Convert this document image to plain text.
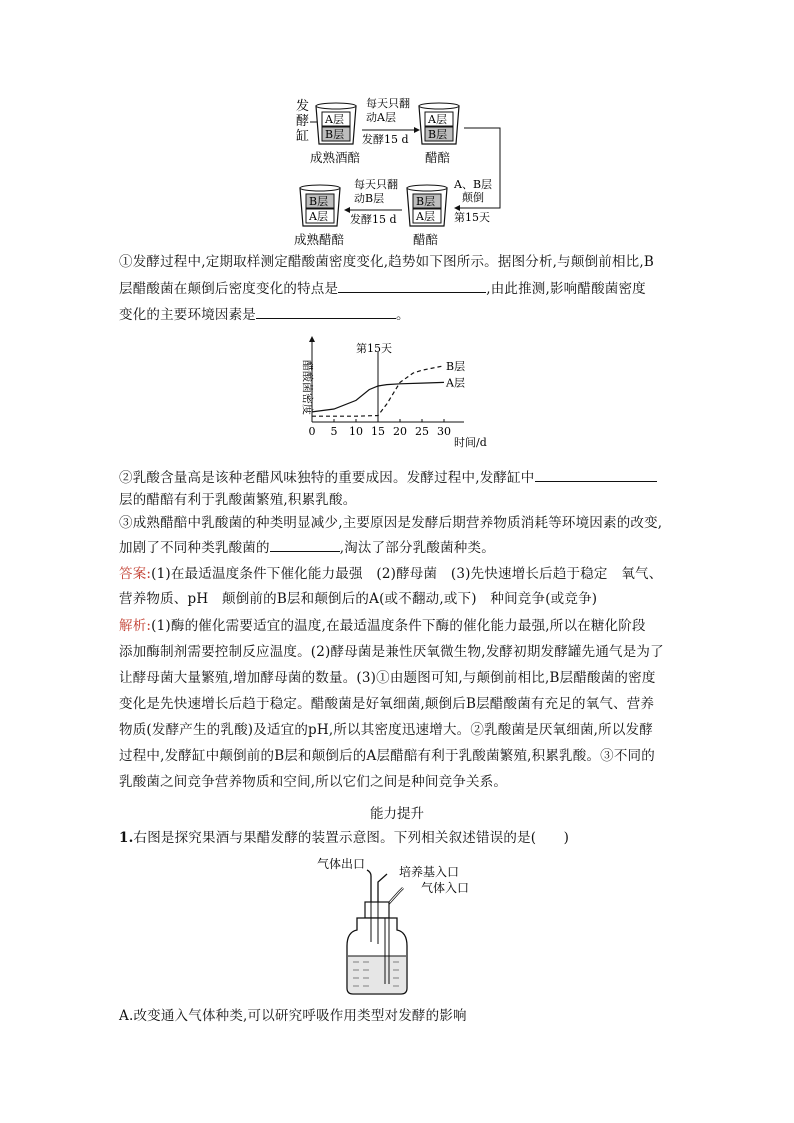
发
酵
缸
A层
B层
成熟酒醅
每天只翻
动A层
发酵15 d
A层
B层
醋醅
A、B层
颠倒
第15天
B层
A层
醋醅
每天只翻
动B层
发酵15 d
B层
A层
成熟醋醅
①发酵过程中,定期取样测定醋酸菌密度变化,趋势如下图所示。据图分析,与颠倒前相比,B
层醋酸菌在颠倒后密度变化的特点是	,由此推测,影响醋酸菌密度
变化的主要环境因素是	。
醋酸菌密度
第15天
0 5 10 15 20 25 30
A层
B层
时间/d
②乳酸含量高是该种老醋风味独特的重要成因。发酵过程中,发酵缸中
层的醋醅有利于乳酸菌繁殖,积累乳酸。
③成熟醋醅中乳酸菌的种类明显减少,主要原因是发酵后期营养物质消耗等环境因素的改变,
加剧了不同种类乳酸菌的	,淘汰了部分乳酸菌种类。
答案:(1)在最适温度条件下催化能力最强　(2)酵母菌　(3)先快速增长后趋于稳定　氧气、
营养物质、pH　颠倒前的B层和颠倒后的A(或不翻动,或下)　种间竞争(或竞争)
解析:(1)酶的催化需要适宜的温度,在最适温度条件下酶的催化能力最强,所以在糖化阶段
添加酶制剂需要控制反应温度。(2)酵母菌是兼性厌氧微生物,发酵初期发酵罐先通气是为了
让酵母菌大量繁殖,增加酵母菌的数量。(3)①由题图可知,与颠倒前相比,B层醋酸菌的密度
变化是先快速增长后趋于稳定。醋酸菌是好氧细菌,颠倒后B层醋酸菌有充足的氧气、营养
物质(发酵产生的乳酸)及适宜的pH,所以其密度迅速增大。②乳酸菌是厌氧细菌,所以发酵
过程中,发酵缸中颠倒前的B层和颠倒后的A层醋醅有利于乳酸菌繁殖,积累乳酸。③不同的
乳酸菌之间竞争营养物质和空间,所以它们之间是种间竞争关系。
能力提升
1.右图是探究果酒与果醋发酵的装置示意图。下列相关叙述错误的是(　　)
气体出口
培养基入口
气体入口
A.改变通入气体种类,可以研究呼吸作用类型对发酵的影响
